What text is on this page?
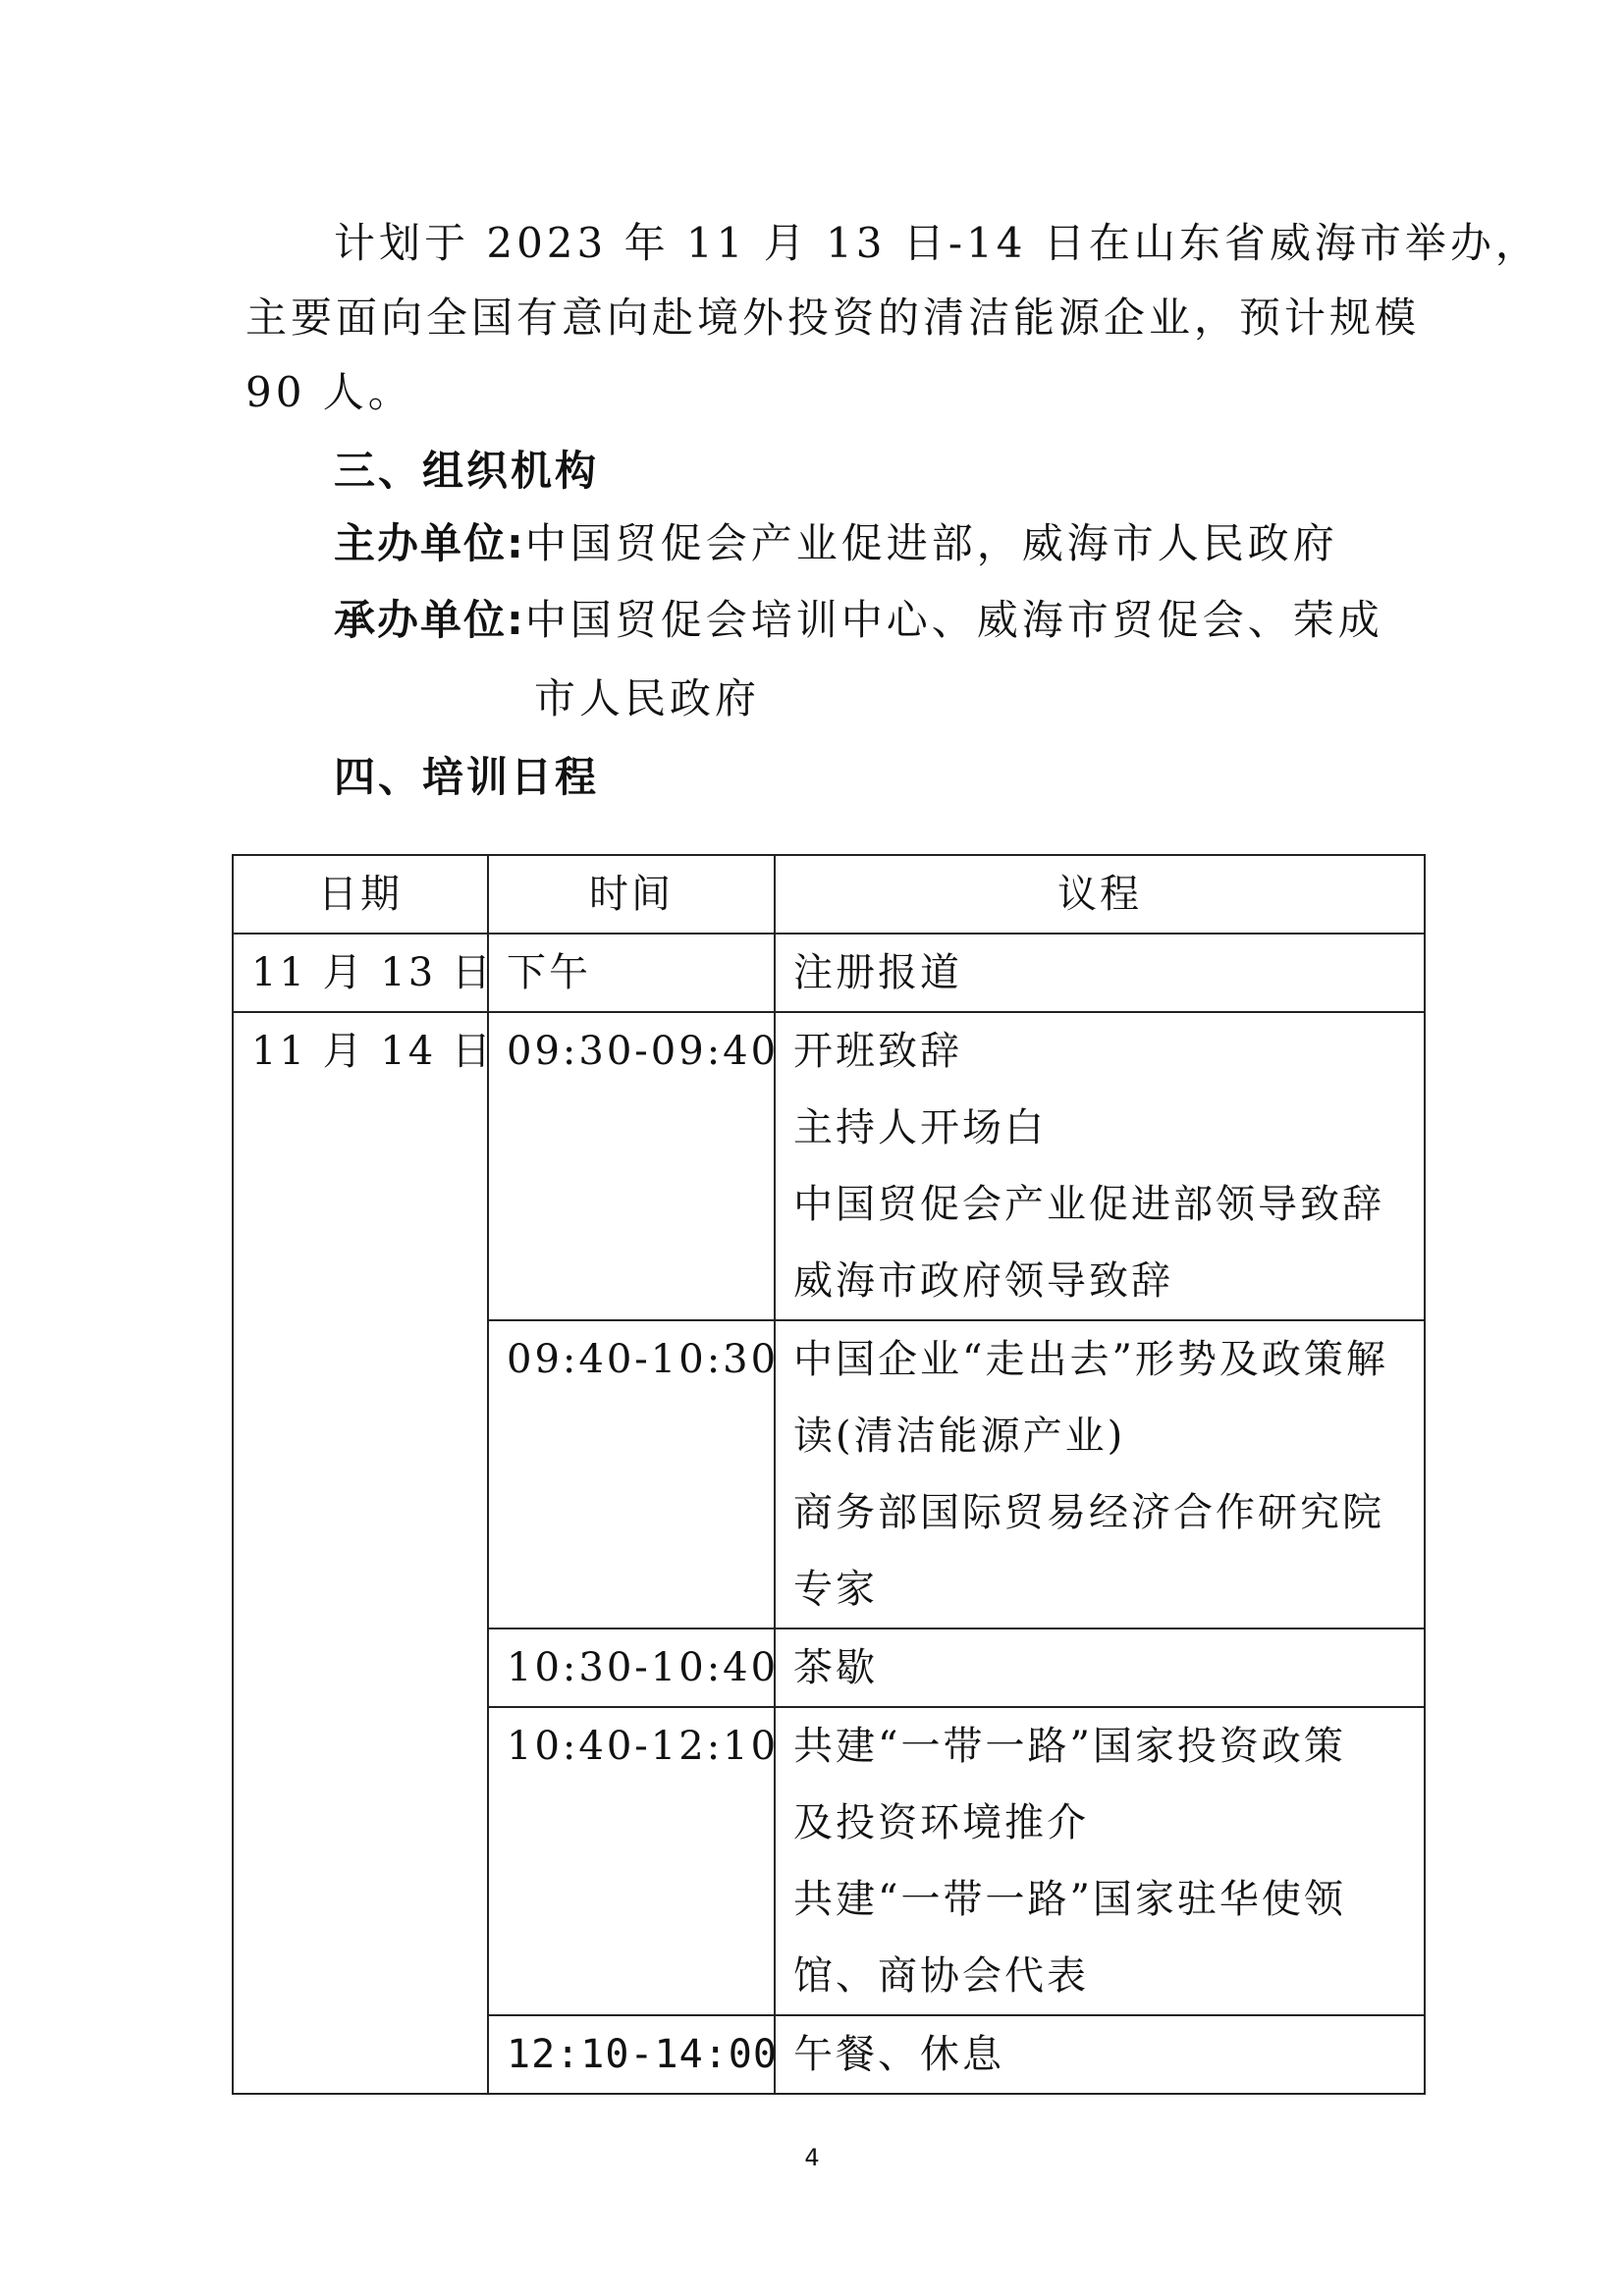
计划于 2023 年 11 月 13 日-14 日在山东省威海市举办，
主要面向全国有意向赴境外投资的清洁能源企业，预计规模
90 人。
三、组织机构
主办单位:中国贸促会产业促进部，威海市人民政府
承办单位:中国贸促会培训中心、威海市贸促会、荣成
市人民政府
四、培训日程
日期	时间	议程

11 月 13 日	下午	注册报道

11 月 14 日	09:30-09:40	开班致辞
主持人开场白
中国贸促会产业促进部领导致辞
威海市政府领导致辞

	09:40-10:30	中国企业“走出去”形势及政策解
读(清洁能源产业)
商务部国际贸易经济合作研究院
专家

	10:30-10:40	茶歇

	10:40-12:10	共建“一带一路”国家投资政策
及投资环境推介
共建“一带一路”国家驻华使领
馆、商协会代表

	12:10-14:00	午餐、休息
4
